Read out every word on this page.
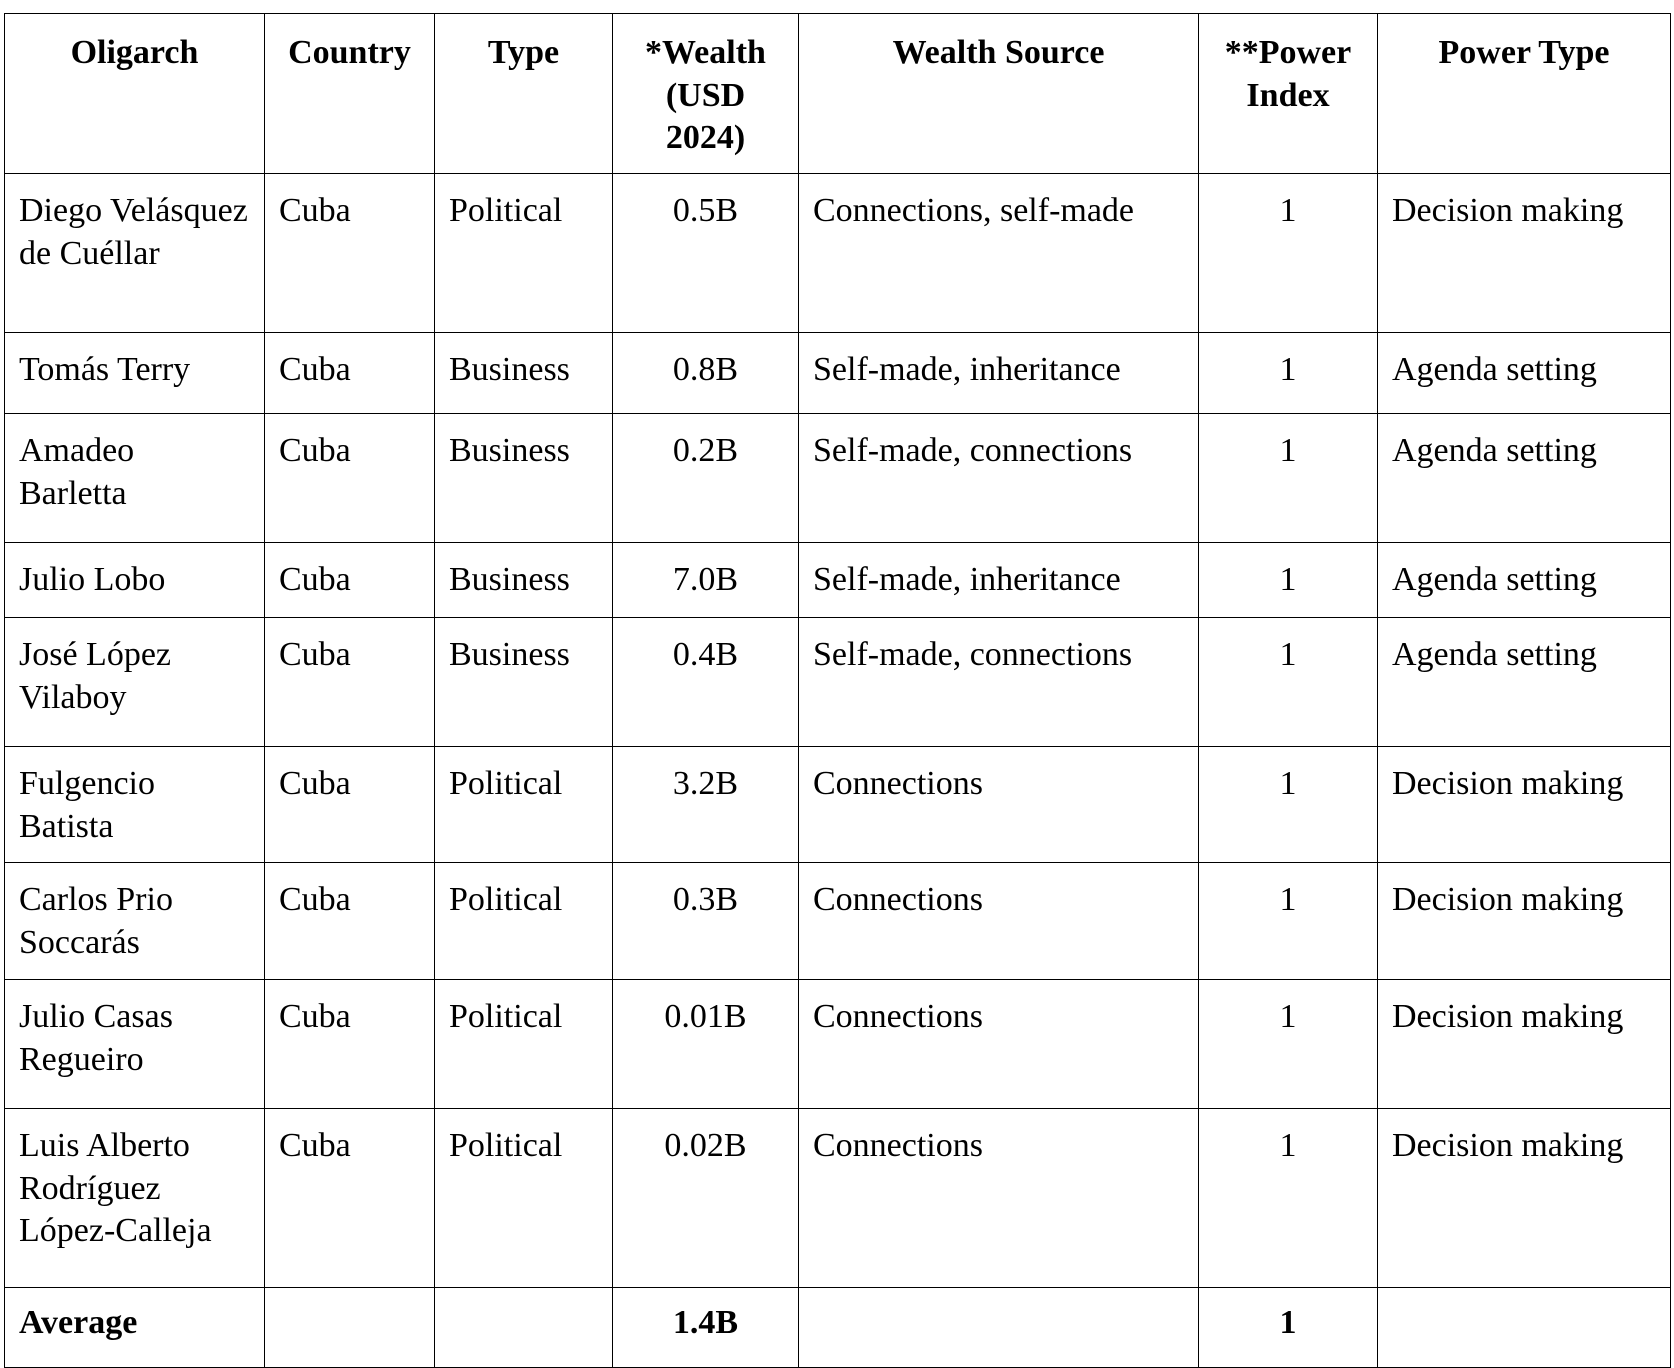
Oligarch	Country	Type	*Wealth (USD 2024)	Wealth Source	**Power Index	Power Type
Diego Velásquez de Cuéllar	Cuba	Political	0.5B	Connections, self-made	1	Decision making
Tomás Terry	Cuba	Business	0.8B	Self-made, inheritance	1	Agenda setting
Amadeo Barletta	Cuba	Business	0.2B	Self-made, connections	1	Agenda setting
Julio Lobo	Cuba	Business	7.0B	Self-made, inheritance	1	Agenda setting
José López Vilaboy	Cuba	Business	0.4B	Self-made, connections	1	Agenda setting
Fulgencio Batista	Cuba	Political	3.2B	Connections	1	Decision making
Carlos Prio Soccarás	Cuba	Political	0.3B	Connections	1	Decision making
Julio Casas Regueiro	Cuba	Political	0.01B	Connections	1	Decision making
Luis Alberto Rodríguez López-Calleja	Cuba	Political	0.02B	Connections	1	Decision making
Average			1.4B		1	
